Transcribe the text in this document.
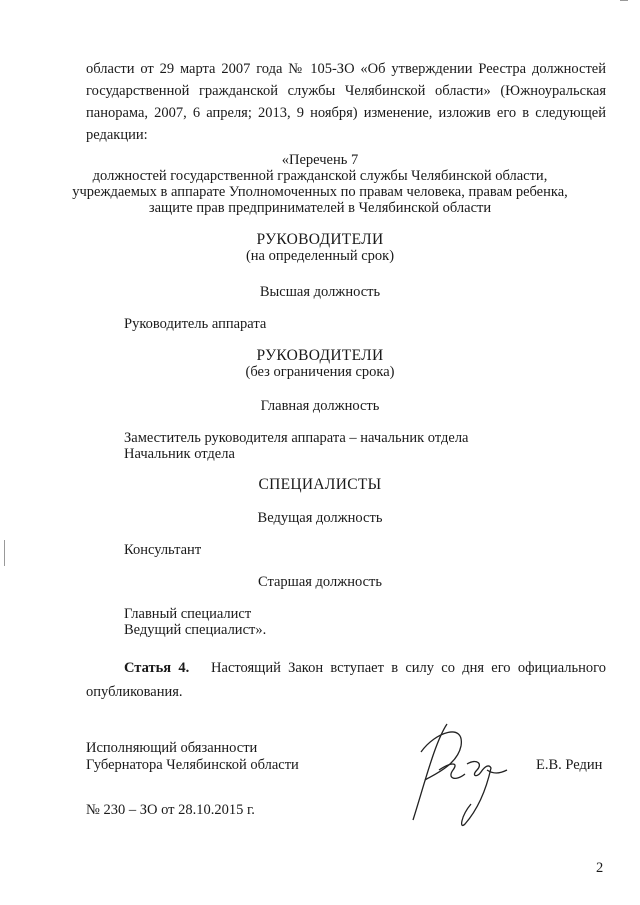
области от 29 марта 2007 года № 105-ЗО «Об утверждении Реестра должностей государственной гражданской службы Челябинской области» (Южноуральская панорама, 2007, 6 апреля; 2013, 9 ноября) изменение, изложив его в следующей редакции:
«Перечень 7
должностей государственной гражданской службы Челябинской области,
учреждаемых в аппарате Уполномоченных по правам человека, правам ребенка,
защите прав предпринимателей в Челябинской области
РУКОВОДИТЕЛИ
(на определенный срок)
Высшая должность
Руководитель аппарата
РУКОВОДИТЕЛИ
(без ограничения срока)
Главная должность
Заместитель руководителя аппарата – начальник отдела
Начальник отдела
СПЕЦИАЛИСТЫ
Ведущая должность
Консультант
Старшая должность
Главный специалист
Ведущий специалист».
Статья 4. Настоящий Закон вступает в силу со дня его официального опубликования.
Исполняющий обязанности
Губернатора Челябинской области	Е.В. Редин
№ 230 – ЗО от 28.10.2015 г.
2
